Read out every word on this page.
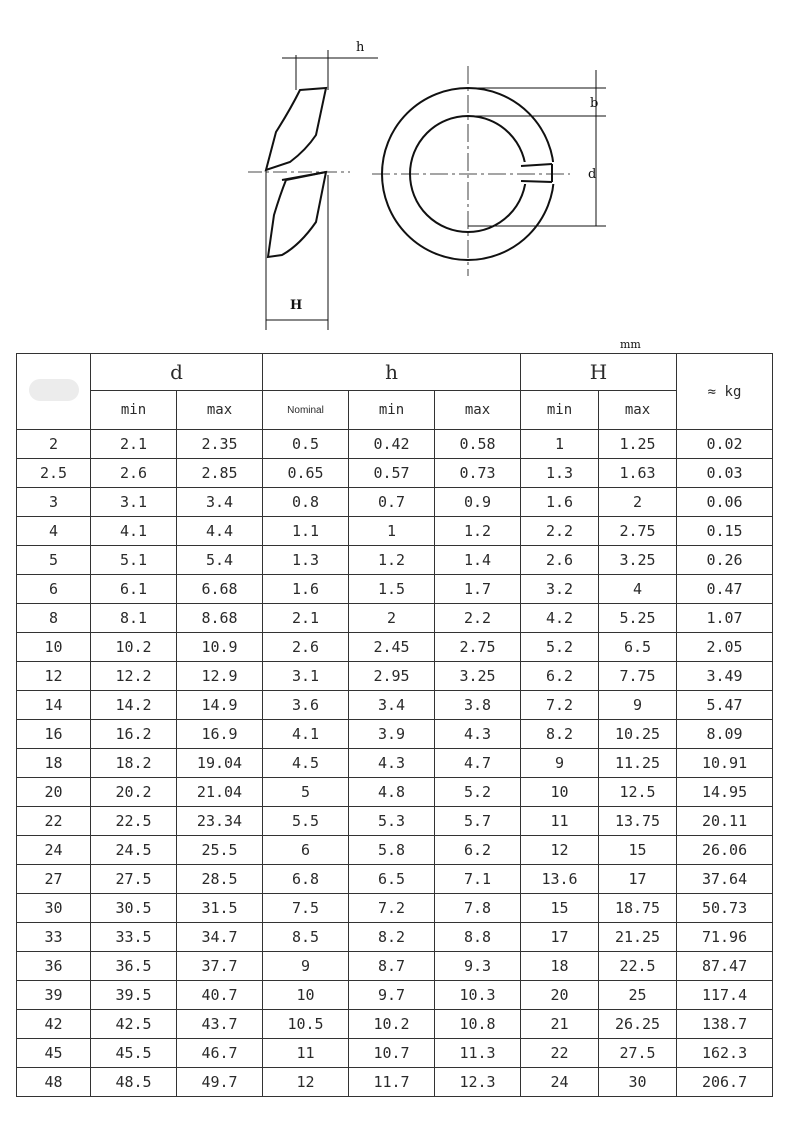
h
H
b
d
mm
	d		h			H		≈ kg
	min	max	Nominal	min	max	min	max	
2	2.1	2.35	0.5	0.42	0.58	1	1.25	0.02
2.5	2.6	2.85	0.65	0.57	0.73	1.3	1.63	0.03
3	3.1	3.4	0.8	0.7	0.9	1.6	2	0.06
4	4.1	4.4	1.1	1	1.2	2.2	2.75	0.15
5	5.1	5.4	1.3	1.2	1.4	2.6	3.25	0.26
6	6.1	6.68	1.6	1.5	1.7	3.2	4	0.47
8	8.1	8.68	2.1	2	2.2	4.2	5.25	1.07
10	10.2	10.9	2.6	2.45	2.75	5.2	6.5	2.05
12	12.2	12.9	3.1	2.95	3.25	6.2	7.75	3.49
14	14.2	14.9	3.6	3.4	3.8	7.2	9	5.47
16	16.2	16.9	4.1	3.9	4.3	8.2	10.25	8.09
18	18.2	19.04	4.5	4.3	4.7	9	11.25	10.91
20	20.2	21.04	5	4.8	5.2	10	12.5	14.95
22	22.5	23.34	5.5	5.3	5.7	11	13.75	20.11
24	24.5	25.5	6	5.8	6.2	12	15	26.06
27	27.5	28.5	6.8	6.5	7.1	13.6	17	37.64
30	30.5	31.5	7.5	7.2	7.8	15	18.75	50.73
33	33.5	34.7	8.5	8.2	8.8	17	21.25	71.96
36	36.5	37.7	9	8.7	9.3	18	22.5	87.47
39	39.5	40.7	10	9.7	10.3	20	25	117.4
42	42.5	43.7	10.5	10.2	10.8	21	26.25	138.7
45	45.5	46.7	11	10.7	11.3	22	27.5	162.3
48	48.5	49.7	12	11.7	12.3	24	30	206.7
